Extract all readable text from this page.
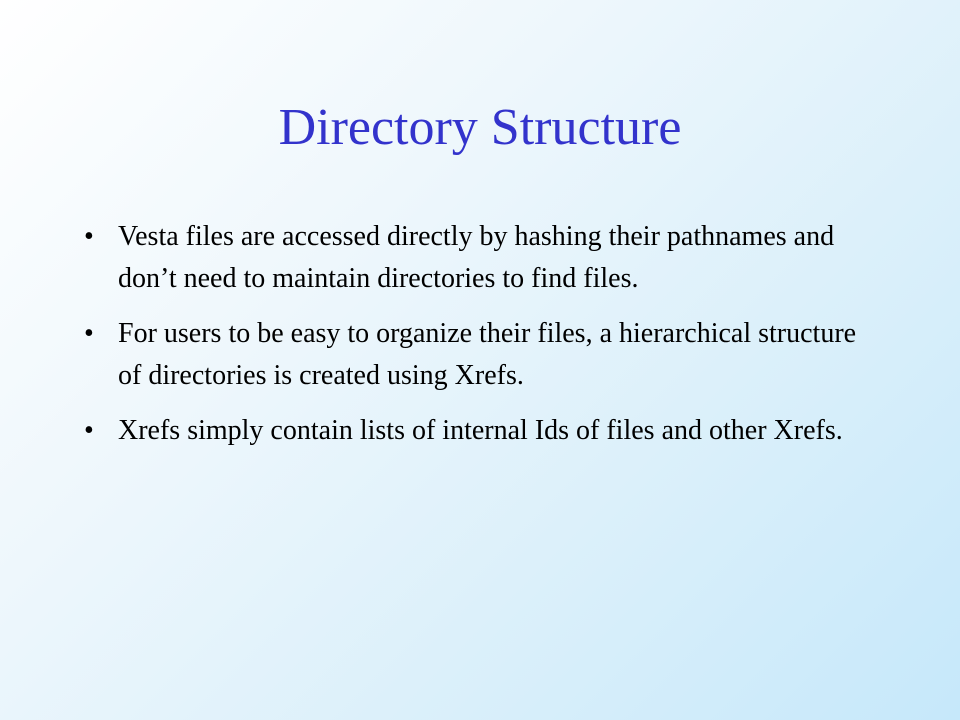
Directory Structure
• Vesta files are accessed directly by hashing their pathnames and don’t need to maintain directories to find files.
• For users to be easy to organize their files, a hierarchical structure of directories is created using Xrefs.
• Xrefs simply contain lists of internal Ids of files and other Xrefs.
